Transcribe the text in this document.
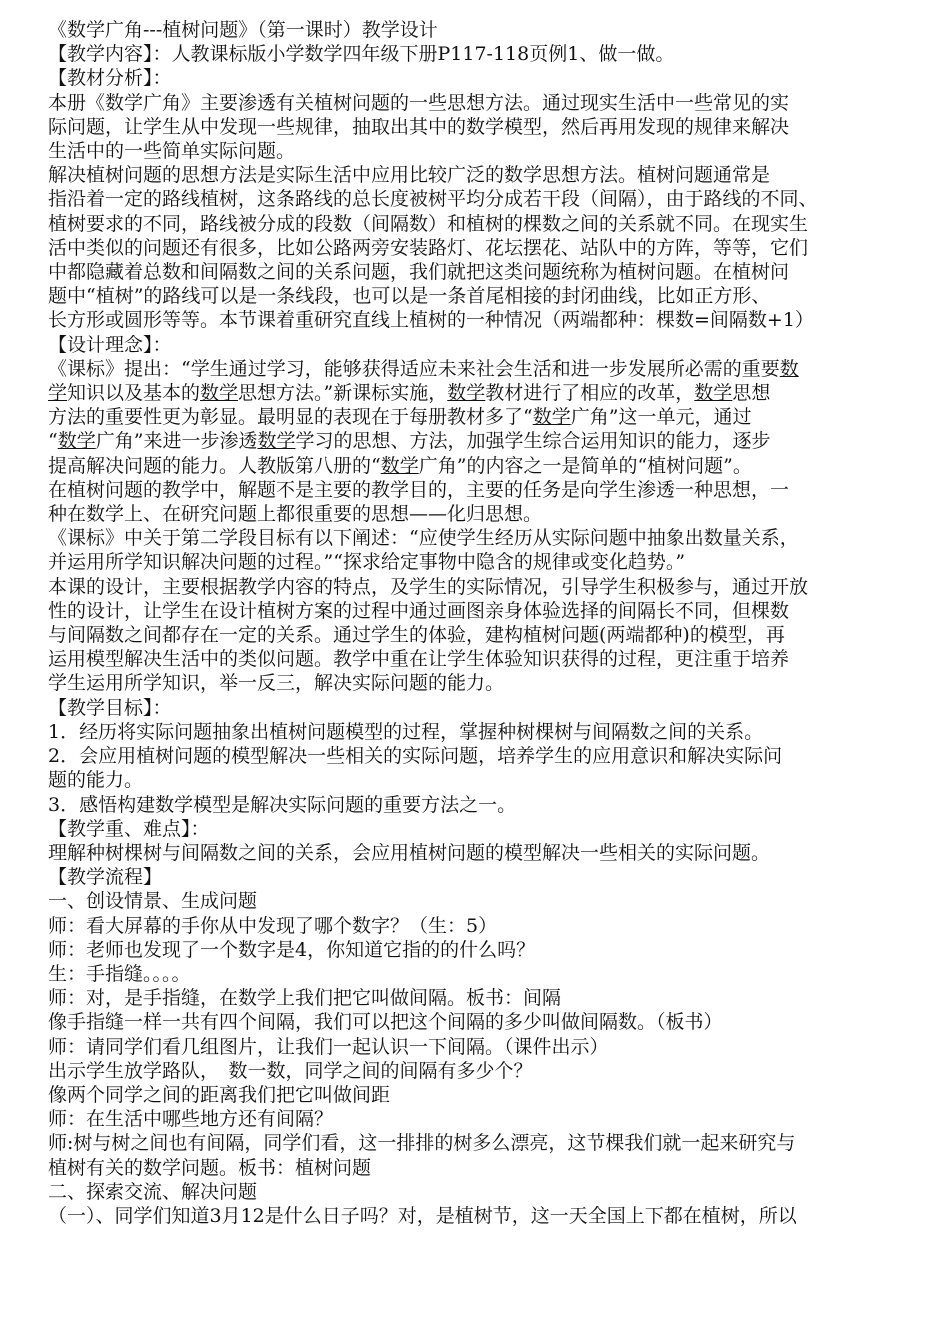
《数学广角---植树问题》（第一课时）教学设计
【教学内容】：人教课标版小学数学四年级下册P117-118页例1、做一做。
【教材分析】：
本册《数学广角》主要渗透有关植树问题的一些思想方法。通过现实生活中一些常见的实
际问题，让学生从中发现一些规律，抽取出其中的数学模型，然后再用发现的规律来解决
生活中的一些简单实际问题。
解决植树问题的思想方法是实际生活中应用比较广泛的数学思想方法。植树问题通常是
指沿着一定的路线植树，这条路线的总长度被树平均分成若干段（间隔），由于路线的不同、
植树要求的不同，路线被分成的段数（间隔数）和植树的棵数之间的关系就不同。在现实生
活中类似的问题还有很多，比如公路两旁安装路灯、花坛摆花、站队中的方阵，等等，它们
中都隐藏着总数和间隔数之间的关系问题，我们就把这类问题统称为植树问题。在植树问
题中“植树”的路线可以是一条线段，也可以是一条首尾相接的封闭曲线，比如正方形、
长方形或圆形等等。本节课着重研究直线上植树的一种情况（两端都种：棵数=间隔数+1）
【设计理念】：
《课标》提出：“学生通过学习，能够获得适应未来社会生活和进一步发展所必需的重要数
学知识以及基本的数学思想方法。”新课标实施，数学教材进行了相应的改革，数学思想
方法的重要性更为彰显。最明显的表现在于每册教材多了“数学广角”这一单元，通过
“数学广角”来进一步渗透数学学习的思想、方法，加强学生综合运用知识的能力，逐步
提高解决问题的能力。人教版第八册的“数学广角”的内容之一是简单的“植树问题”。
在植树问题的教学中，解题不是主要的教学目的，主要的任务是向学生渗透一种思想，一
种在数学上、在研究问题上都很重要的思想——化归思想。
《课标》中关于第二学段目标有以下阐述：“应使学生经历从实际问题中抽象出数量关系，
并运用所学知识解决问题的过程。”“探求给定事物中隐含的规律或变化趋势。”
本课的设计，主要根据教学内容的特点，及学生的实际情况，引导学生积极参与，通过开放
性的设计，让学生在设计植树方案的过程中通过画图亲身体验选择的间隔长不同，但棵数
与间隔数之间都存在一定的关系。通过学生的体验，建构植树问题(两端都种)的模型，再
运用模型解决生活中的类似问题。教学中重在让学生体验知识获得的过程，更注重于培养
学生运用所学知识，举一反三，解决实际问题的能力。
【教学目标】：
1．经历将实际问题抽象出植树问题模型的过程，掌握种树棵树与间隔数之间的关系。
2．会应用植树问题的模型解决一些相关的实际问题，培养学生的应用意识和解决实际问
题的能力。
3．感悟构建数学模型是解决实际问题的重要方法之一。
【教学重、难点】：
理解种树棵树与间隔数之间的关系，会应用植树问题的模型解决一些相关的实际问题。
【教学流程】
一、创设情景、生成问题
师：看大屏幕的手你从中发现了哪个数字？（生：5）
师：老师也发现了一个数字是4，你知道它指的的什么吗？
生：手指缝。。。。
师：对，是手指缝，在数学上我们把它叫做间隔。板书：间隔
像手指缝一样一共有四个间隔，我们可以把这个间隔的多少叫做间隔数。（板书）
师：请同学们看几组图片，让我们一起认识一下间隔。（课件出示）
出示学生放学路队，　数一数，同学之间的间隔有多少个？
像两个同学之间的距离我们把它叫做间距
师：在生活中哪些地方还有间隔？
师:树与树之间也有间隔，同学们看，这一排排的树多么漂亮，这节棵我们就一起来研究与
植树有关的数学问题。板书：植树问题
二、探索交流、解决问题
（一）、同学们知道3月12是什么日子吗？对，是植树节，这一天全国上下都在植树，所以
